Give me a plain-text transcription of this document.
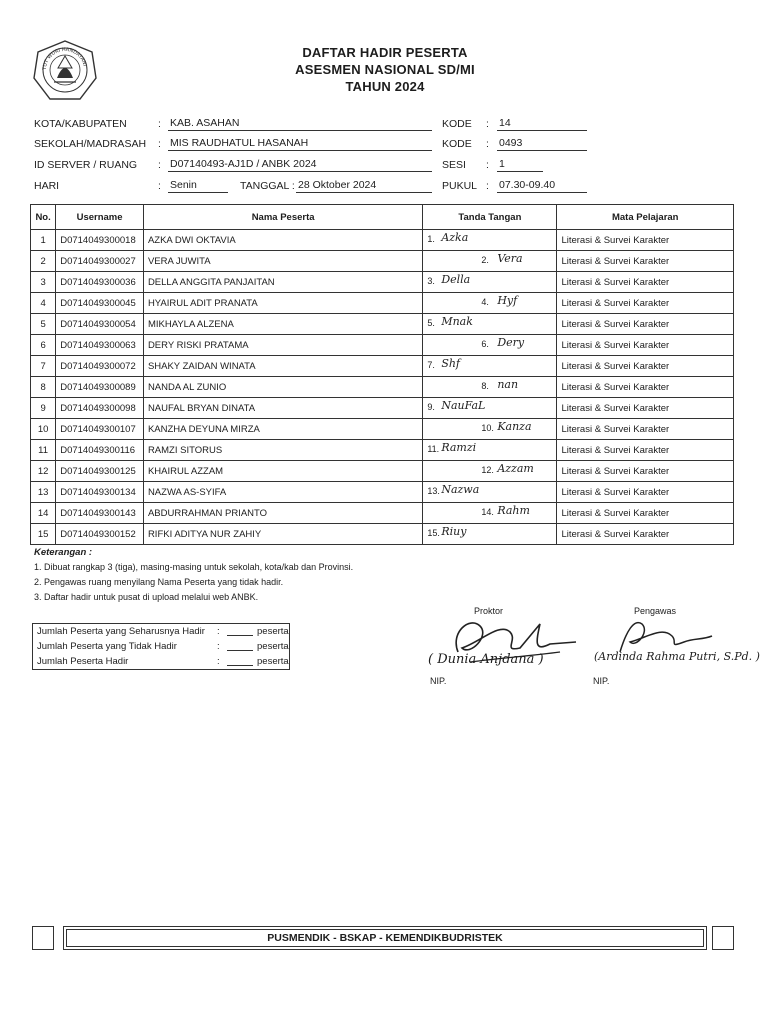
TUT WURI HANDAYANI
DAFTAR HADIR PESERTA
ASESMEN NASIONAL SD/MI
TAHUN 2024
KOTA/KABUPATEN	: KAB. ASAHAN	KODE	: 14
SEKOLAH/MADRASAH	: MIS RAUDHATUL HASANAH	KODE	: 0493
ID SERVER / RUANG	: D07140493-AJ1D / ANBK 2024	SESI	: 1
HARI	: Senin	TANGGAL : 28 Oktober 2024	PUKUL : 07.30-09.40
No.	Username	Nama Peserta	Tanda Tangan	Mata Pelajaran
1	D0714049300018	AZKA DWI OKTAVIA	1. Azka	Literasi & Survei Karakter
2	D0714049300027	VERA JUWITA	2. Vera	Literasi & Survei Karakter
3	D0714049300036	DELLA ANGGITA PANJAITAN	3. Della	Literasi & Survei Karakter
4	D0714049300045	HYAIRUL ADIT PRANATA	4. Hyf	Literasi & Survei Karakter
5	D0714049300054	MIKHAYLA ALZENA	5. Mnak	Literasi & Survei Karakter
6	D0714049300063	DERY RISKI PRATAMA	6. Dery	Literasi & Survei Karakter
7	D0714049300072	SHAKY ZAIDAN WINATA	7. Shf	Literasi & Survei Karakter
8	D0714049300089	NANDA AL ZUNIO	8. nan	Literasi & Survei Karakter
9	D0714049300098	NAUFAL BRYAN DINATA	9. NauFaL	Literasi & Survei Karakter
10	D0714049300107	KANZHA DEYUNA MIRZA	10. Kanza	Literasi & Survei Karakter
11	D0714049300116	RAMZI SITORUS	11. Ramzi	Literasi & Survei Karakter
12	D0714049300125	KHAIRUL AZZAM	12. Azzam	Literasi & Survei Karakter
13	D0714049300134	NAZWA AS-SYIFA	13. Nazwa	Literasi & Survei Karakter
14	D0714049300143	ABDURRAHMAN PRIANTO	14. Rahm	Literasi & Survei Karakter
15	D0714049300152	RIFKI ADITYA NUR ZAHIY	15. Riuy	Literasi & Survei Karakter
Keterangan :
1. Dibuat rangkap 3 (tiga), masing-masing untuk sekolah, kota/kab dan Provinsi.
2. Pengawas ruang menyilang Nama Peserta yang tidak hadir.
3. Daftar hadir untuk pusat di upload melalui web ANBK.
Jumlah Peserta yang Seharusnya Hadir :	peserta
Jumlah Peserta yang Tidak Hadir	:	peserta
Jumlah Peserta Hadir	:	peserta
Proktor	Pengawas
( Dunia Anjdana )	(Ardinda Rahma Putri, S.Pd. )
NIP.	NIP.
PUSMENDIK - BSKAP - KEMENDIKBUDRISTEK
